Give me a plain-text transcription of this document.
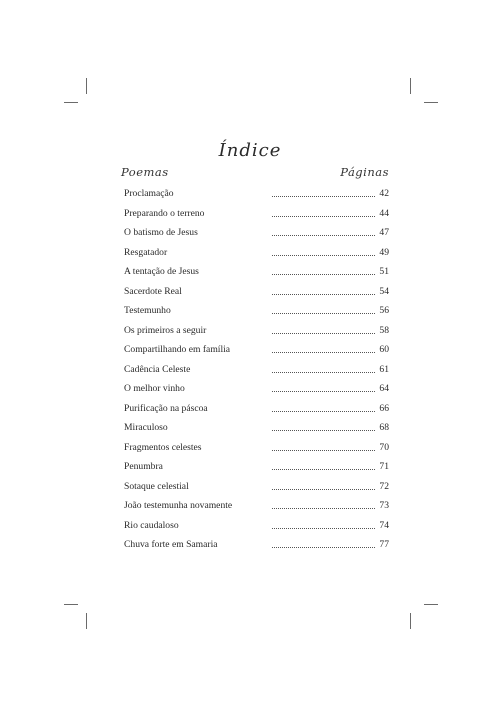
Índice
Poemas	Páginas
Proclamação	42
Preparando o terreno	44
O batismo de Jesus	47
Resgatador	49
A tentação de Jesus	51
Sacerdote Real	54
Testemunho	56
Os primeiros a seguir	58
Compartilhando em família	60
Cadência Celeste	61
O melhor vinho	64
Purificação na páscoa	66
Miraculoso	68
Fragmentos celestes	70
Penumbra	71
Sotaque celestial	72
João testemunha novamente	73
Rio caudaloso	74
Chuva forte em Samaria	77
